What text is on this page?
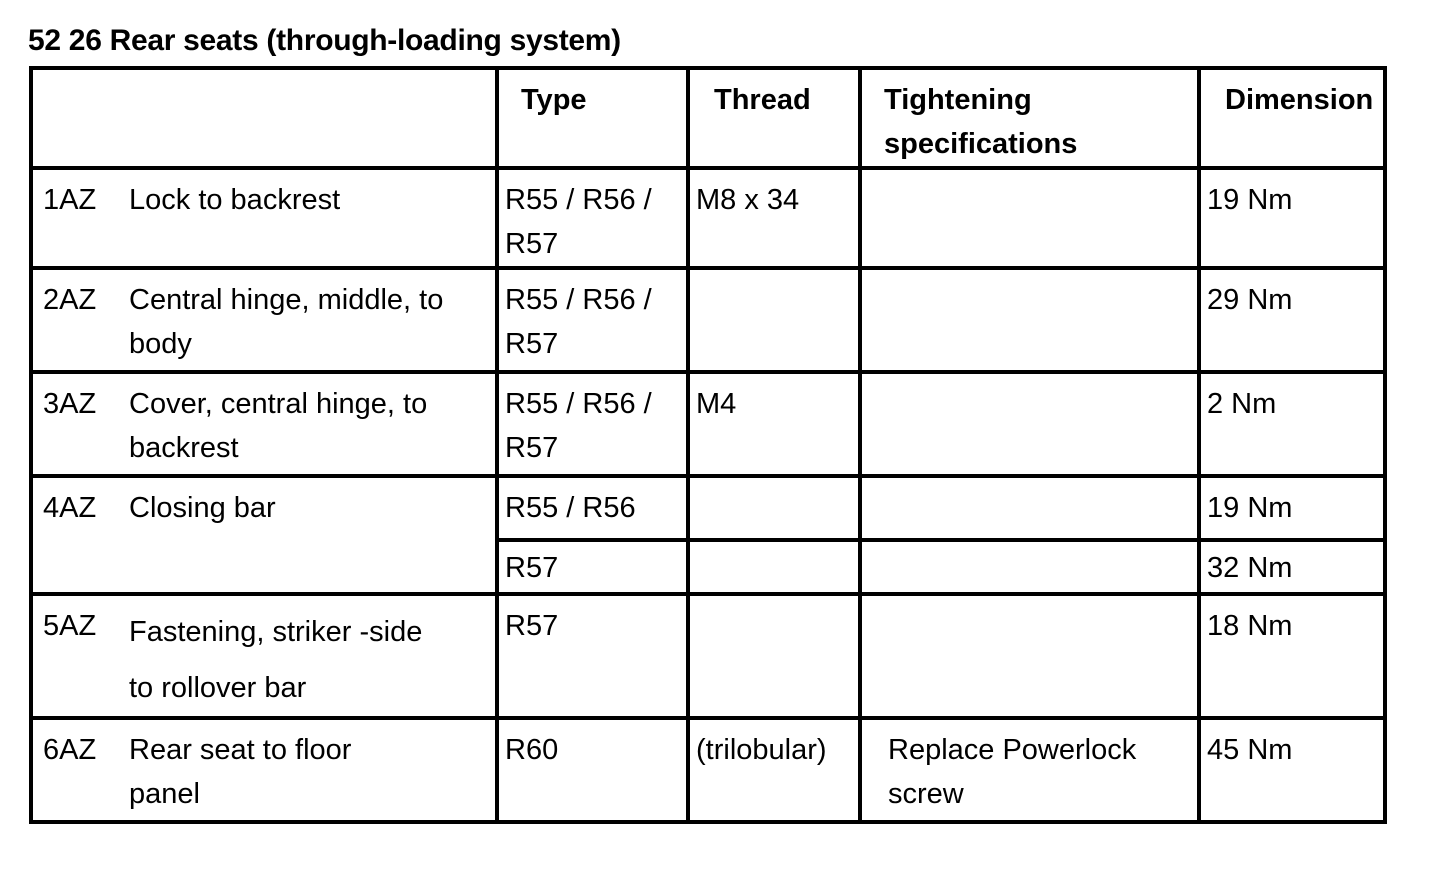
52 26 Rear seats (through-loading system)
	Type	Thread	Tightening specifications	Dimension
1AZ Lock to backrest	R55 / R56 / R57	M8 x 34		19 Nm
2AZ Central hinge, middle, to body	R55 / R56 / R57			29 Nm
3AZ Cover, central hinge, to backrest	R55 / R56 / R57	M4		2 Nm
4AZ Closing bar	R55 / R56			19 Nm
	R57			32 Nm
5AZ Fastening, striker -side to rollover bar	R57			18 Nm
6AZ Rear seat to floor panel	R60	(trilobular)	Replace Powerlock screw	45 Nm
